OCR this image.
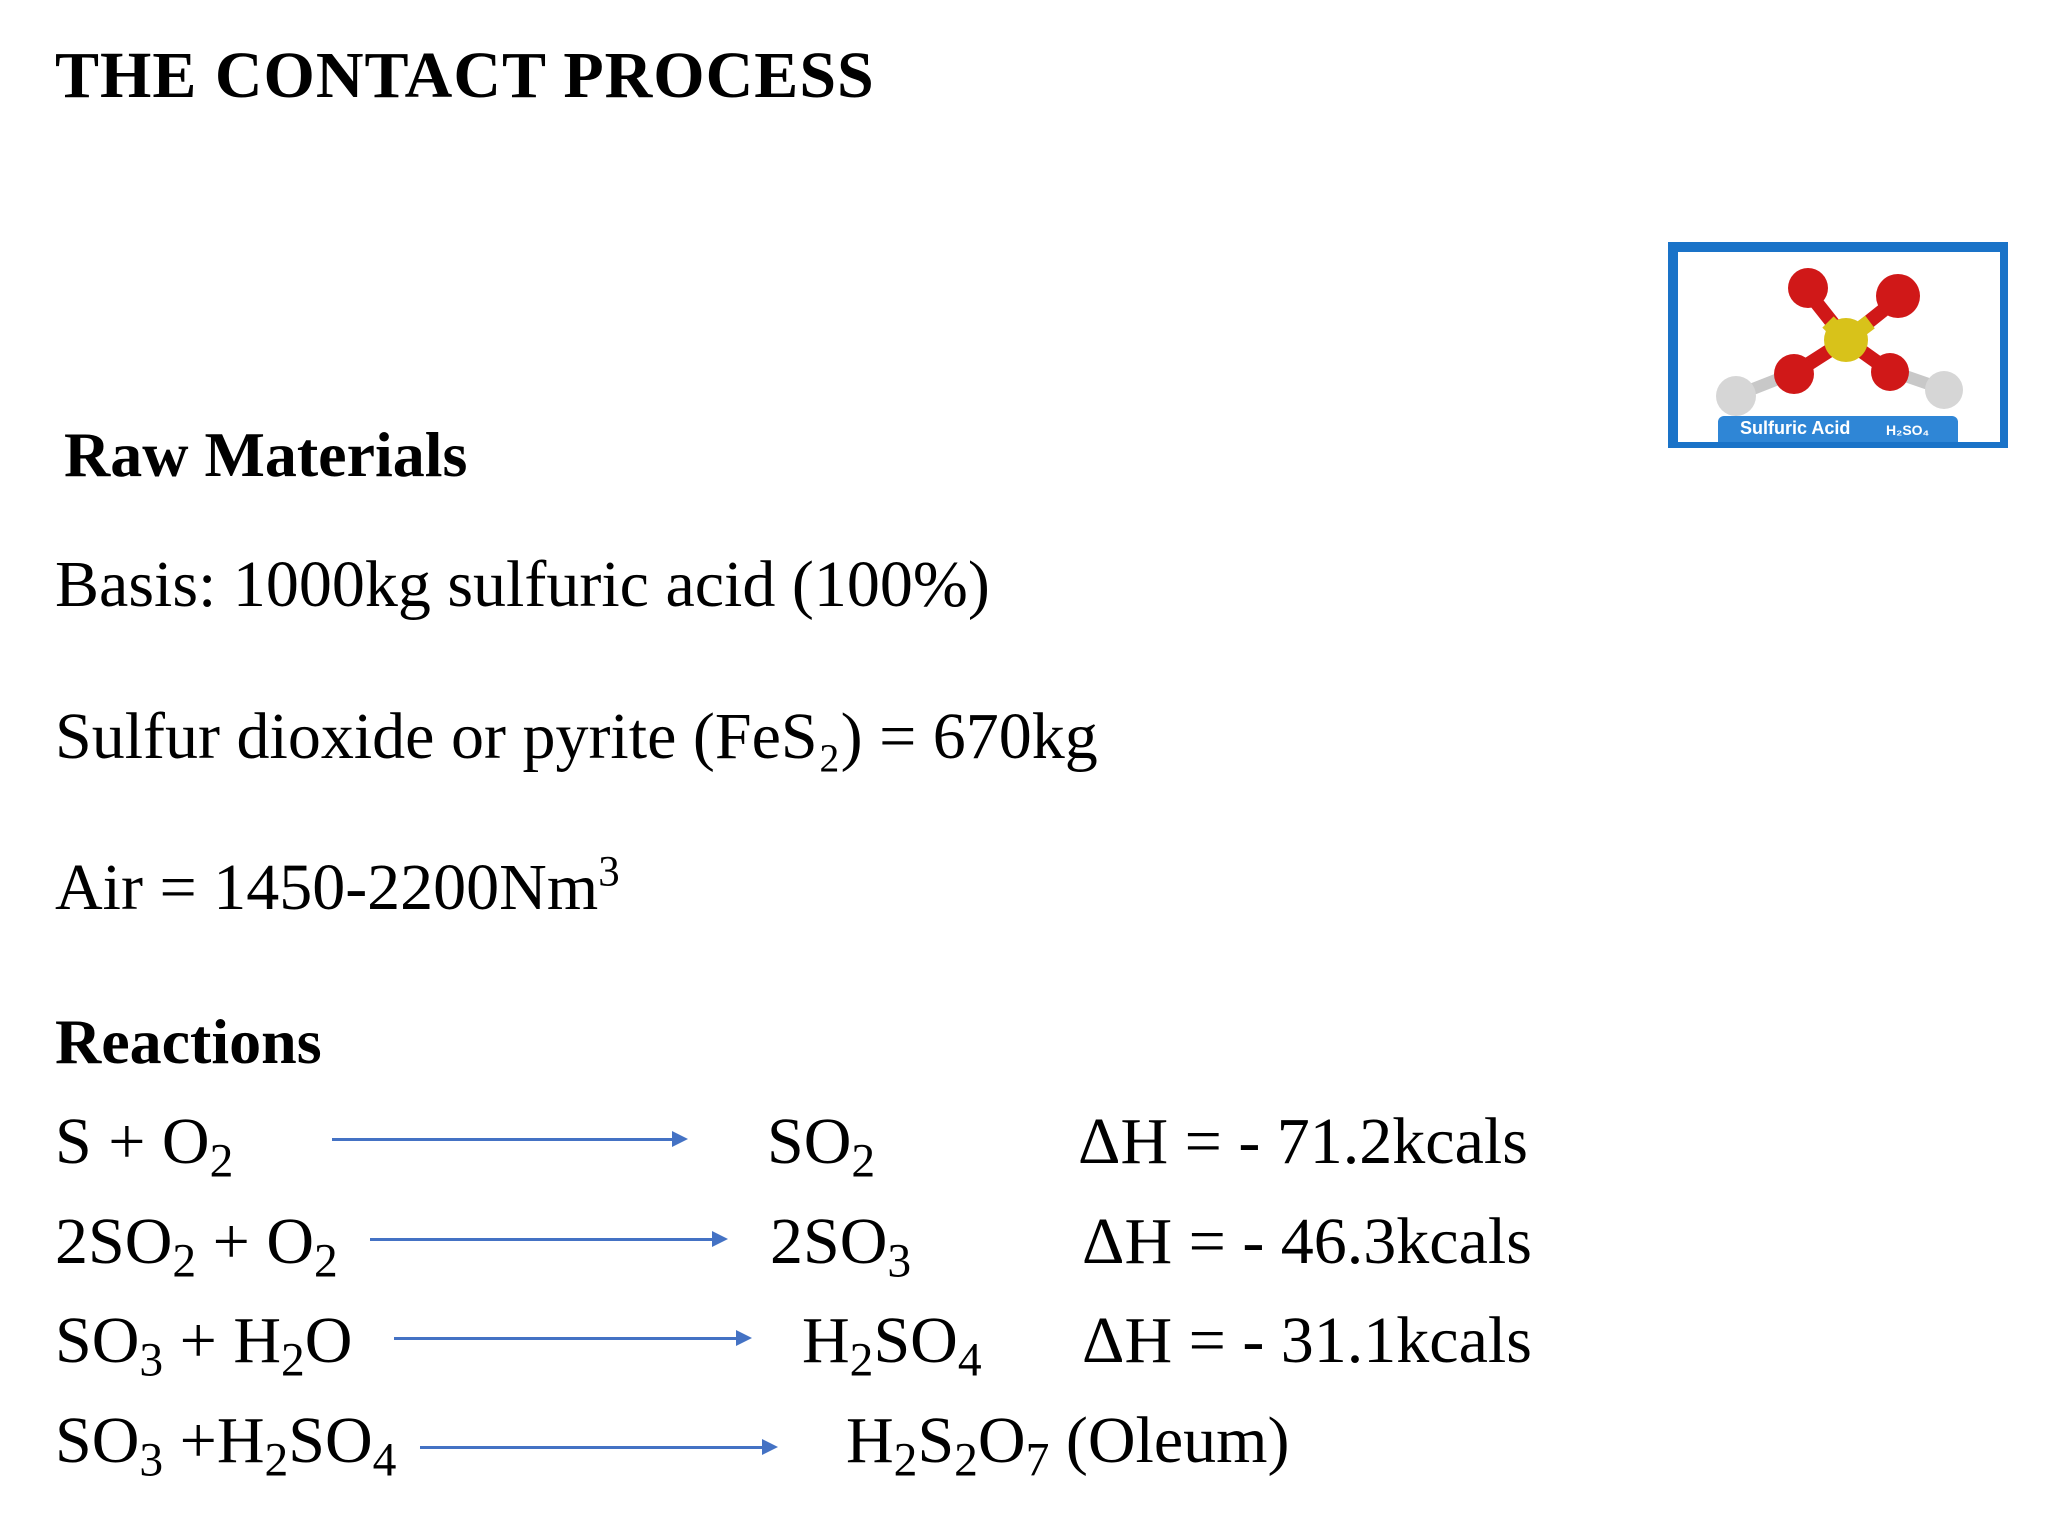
THE CONTACT PROCESS
Sulfuric Acid	H₂SO₄
Raw Materials
Basis: 1000kg sulfuric acid (100%)
Sulfur dioxide or pyrite (FeS₂) = 670kg
Air = $1450-2200Nm^3$
Reactions
$S + O_2$	$SO_2$	ΔH = - 71.2kcals
$2SO_2 + O_2$	$2SO_3$	ΔH = - 46.3kcals
$SO_3 + H_2O$	$H_2SO_4$ ΔH = - 31.1kcals
$SO_3 +H_2SO_4$	$H_2S_2O_7$ (Oleum)
